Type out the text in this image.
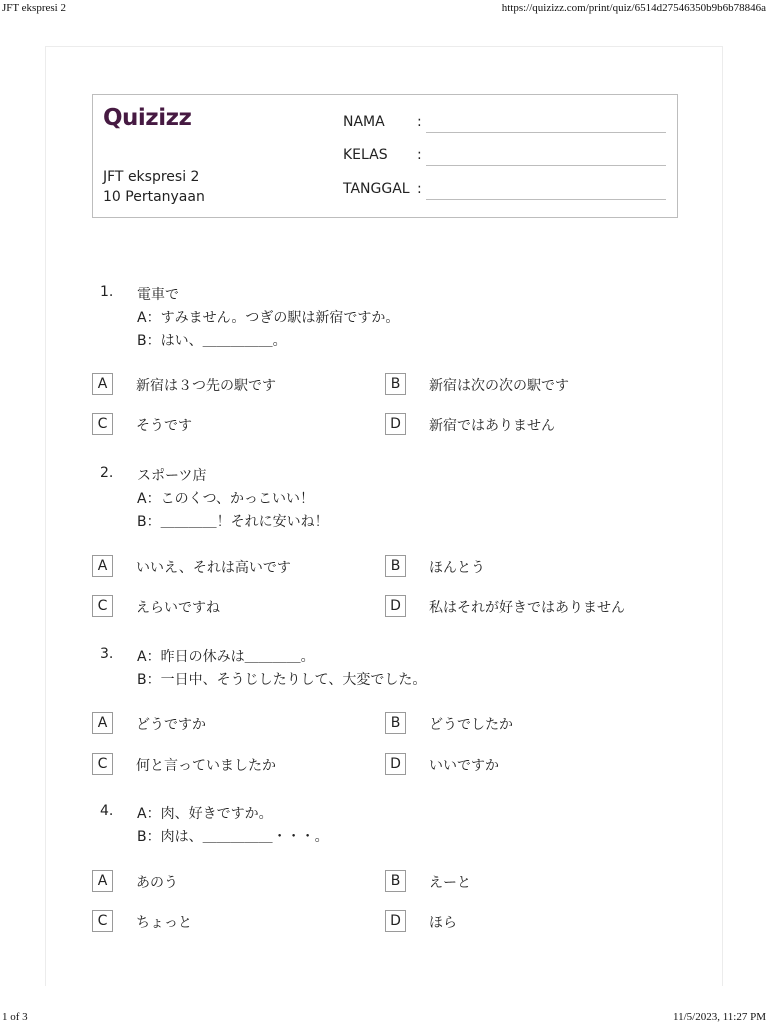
JFT ekspresi 2	https://quizizz.com/print/quiz/6514d27546350b9b6b78846a
Quizizz
JFT ekspresi 2
10 Pertanyaan
NAMA :
KELAS :
TANGGAL :
1. 電車で
A：すみません。つぎの駅は新宿ですか。
B：はい、＿＿＿＿＿。
A	新宿は３つ先の駅です	B	新宿は次の次の駅です
C	そうです	D	新宿ではありません
2. スポーツ店
A：このくつ、かっこいい！
B：＿＿＿＿！それに安いね！
A	いいえ、それは高いです	B	ほんとう
C	えらいですね	D	私はそれが好きではありません
3. A：昨日の休みは＿＿＿＿。
B：一日中、そうじしたりして、大変でした。
A	どうですか	B	どうでしたか
C	何と言っていましたか	D	いいですか
4. A：肉、好きですか。
B：肉は、＿＿＿＿＿・・・。
A	あのう	B	えーと
C	ちょっと	D	ほら
1 of 3	11/5/2023, 11:27 PM
